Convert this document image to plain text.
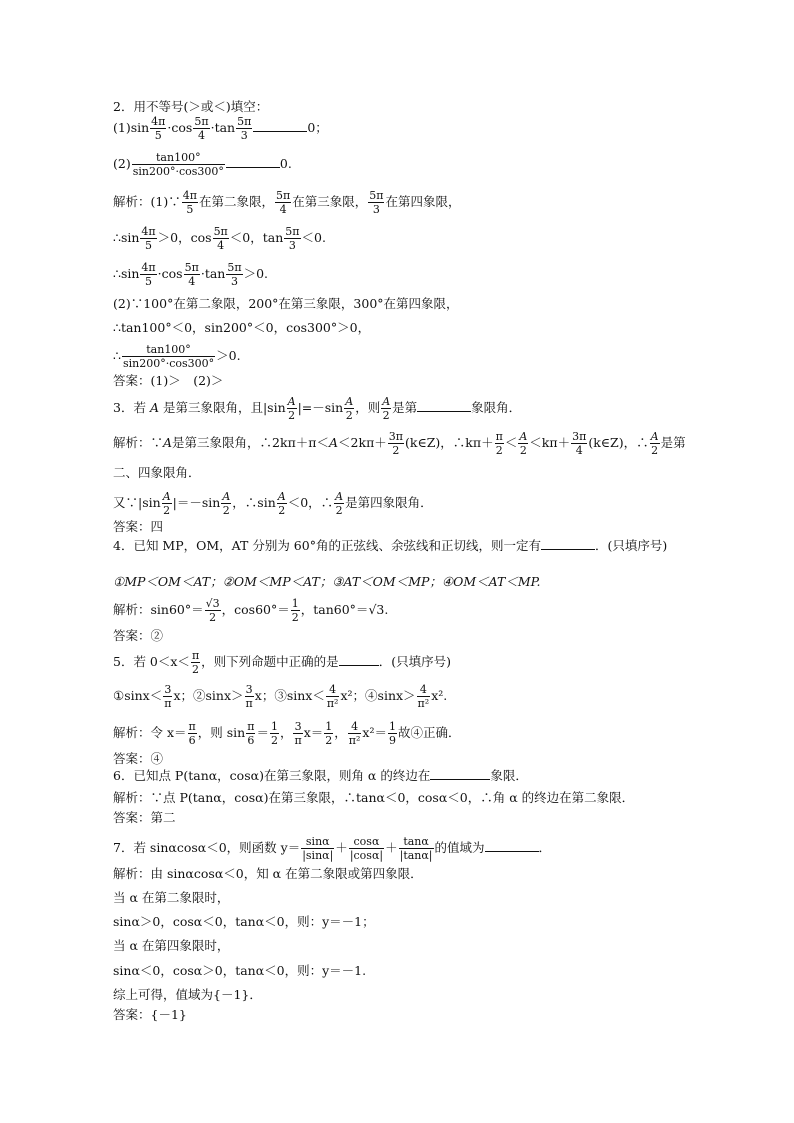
2．用不等号(＞或＜)填空：
$(1)\sin \frac{4\pi}{5} \cdot\cos \frac{5\pi}{4} \cdot\tan \frac{5\pi}{3}$	0；
$(2) \frac{\tan 100^\circ}{\sin 200^\circ\cdot\cos 300^\circ}$	0.
解析：(1)∵ $\frac{4\pi}{5}$ 在第二象限， $\frac{5\pi}{4}$ 在第三象限， $\frac{5\pi}{3}$ 在第四象限，
∴sin $\frac{4\pi}{5} >0$，$\cos \frac{5\pi}{4} <0$，$\tan \frac{5\pi}{3} <0$.
∴sin $\frac{4\pi}{5} \cdot\cos \frac{5\pi}{4} \cdot\tan \frac{5\pi}{3} >0$.
(2)∵100°在第二象限，200°在第三象限，300°在第四象限，
∴tan100°＜0，sin200°＜0，cos300°＞0，
∴ $\frac{\tan 100^\circ}{\sin 200^\circ\cdot\cos 300^\circ} >0$.
答案：(1)＞　(2)＞
3．若 A 是第三象限角，且$|\sin \frac{A}{2} |=-\sin \frac{A}{2}$ ，则 $\frac{A}{2}$ 是第	象限角．
解析：∵A是第三象限角，∴2kπ＋π＜A＜2kπ＋ $\frac{3\pi}{2}$ (k∈Z)，∴kπ＋ $\frac{\pi}{2} < \frac{A}{2} <k\pi+ \frac{3\pi}{4}$ (k∈Z)，∴ $\frac{A}{2}$ 是第
二、四象限角．
又∵|sin $\frac{A}{2} |=-\sin \frac{A}{2}$ ，∴sin $\frac{A}{2} <0$，∴ $\frac{A}{2}$ 是第四象限角．
答案：四
4．已知 MP，OM，AT 分别为 60°角的正弦线、余弦线和正切线，则一定有	．(只填序号)
①MP＜OM＜AT；②OM＜MP＜AT；③AT＜OM＜MP；④OM＜AT＜MP.
解析：$\sin 60^\circ= \frac{√3}{2}$ ，$\cos 60^\circ= \frac{1}{2}$ ，tan60°＝√3.
答案：②
5．若 $0<x< \frac{\pi}{2}$ ，则下列命题中正确的是	．(只填序号)
①sinx＜ $\frac{3}{\pi}$ x；②sinx＞ $\frac{3}{\pi}$ x；③sinx＜ $\frac{4}{\text{π²}} x^2$；④sinx＞ $\frac{4}{\text{π²}} x^2$.
解析：令 $x= \frac{\pi}{6}$ ，则 $\sin \frac{\pi}{6} = \frac{1}{2}$ ， $\frac{3}{\pi} x= \frac{1}{2}$ ， $\frac{4}{\text{π²}} x^2= \frac{1}{9}$ 故④正确．
答案：④
6．已知点 P(tanα，cosα)在第三象限，则角 α 的终边在	象限．
解析：∵点 P(tanα，cosα)在第三象限，∴tanα＜0，cosα＜0，∴角 α 的终边在第二象限．
答案：第二
7．若 sinαcosα＜0，则函数 $y= \frac{\sin\alpha}{|\sin\alpha|} + \frac{\cos\alpha}{|\cos\alpha|} + \frac{\tan\alpha}{|\tan\alpha|}$ 的值域为	．
解析：由 sinαcosα＜0，知 α 在第二象限或第四象限．
当 α 在第二象限时，
sinα＞0，cosα＜0，tanα＜0，则：y＝－1；
当 α 在第四象限时，
sinα＜0，cosα＞0，tanα＜0，则：y＝－1.
综上可得，值域为{－1}．
答案：{－1}
